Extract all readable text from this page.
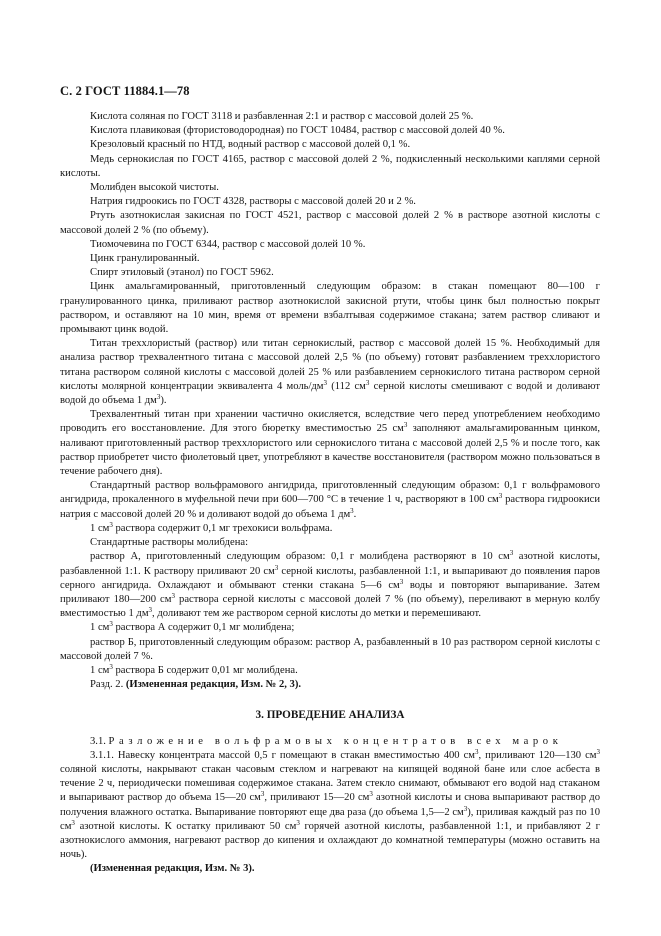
С. 2 ГОСТ 11884.1—78

Кислота соляная по ГОСТ 3118 и разбавленная 2:1 и раствор с массовой долей 25 %.

Кислота плавиковая (фтористоводородная) по ГОСТ 10484, раствор с массовой долей 40 %.

Крезоловый красный по НТД, водный раствор с массовой долей 0,1 %.

Медь сернокислая по ГОСТ 4165, раствор с массовой долей 2 %, подкисленный несколькими каплями серной кислоты.

Молибден высокой чистоты.

Натрия гидроокись по ГОСТ 4328, растворы с массовой долей 20 и 2 %.

Ртуть азотнокислая закисная по ГОСТ 4521, раствор с массовой долей 2 % в растворе азотной кислоты с массовой долей 2 % (по объему).

Тиомочевина по ГОСТ 6344, раствор с массовой долей 10 %.

Цинк гранулированный.

Спирт этиловый (этанол) по ГОСТ 5962.

Цинк амальгамированный, приготовленный следующим образом: в стакан помещают 80—100 г гранулированного цинка, приливают раствор азотнокислой закисной ртути, чтобы цинк был полностью покрыт раствором, и оставляют на 10 мин, время от времени взбалтывая содержимое стакана; затем раствор сливают и промывают цинк водой.

Титан треххлористый (раствор) или титан сернокислый, раствор с массовой долей 15 %. Необходимый для анализа раствор трехвалентного титана с массовой долей 2,5 % (по объему) готовят разбавлением треххлористого титана раствором соляной кислоты с массовой долей 25 % или разбавлением сернокислого титана раствором серной кислоты молярной концентрации эквивалента 4 моль/$дм^3$ (112 $см^3$ серной кислоты смешивают с водой и доливают водой до объема 1 $дм^3$).

Трехвалентный титан при хранении частично окисляется, вследствие чего перед употреблением необходимо проводить его восстановление. Для этого бюретку вместимостью 25 $см^3$ заполняют амальгамированным цинком, наливают приготовленный раствор треххлористого или сернокислого титана с массовой долей 2,5 % и после того, как раствор приобретет чисто фиолетовый цвет, употребляют в качестве восстановителя (раствором можно пользоваться в течение рабочего дня).

Стандартный раствор вольфрамового ангидрида, приготовленный следующим образом: 0,1 г вольфрамового ангидрида, прокаленного в муфельной печи при 600—700 °С в течение 1 ч, растворяют в 100 $см^3$ раствора гидроокиси натрия с массовой долей 20 % и доливают водой до объема 1 $дм^3$.

1 $см^3$ раствора содержит 0,1 мг трехокиси вольфрама.

Стандартные растворы молибдена:

раствор А, приготовленный следующим образом: 0,1 г молибдена растворяют в 10 $см^3$ азотной кислоты, разбавленной 1:1. К раствору приливают 20 $см^3$ серной кислоты, разбавленной 1:1, и выпаривают до появления паров серного ангидрида. Охлаждают и обмывают стенки стакана 5—6 $см^3$ воды и повторяют выпаривание. Затем приливают 180—200 $см^3$ раствора серной кислоты с массовой долей 7 % (по объему), переливают в мерную колбу вместимостью 1 $дм^3$, доливают тем же раствором серной кислоты до метки и перемешивают.

1 $см^3$ раствора А содержит 0,1 мг молибдена;

раствор Б, приготовленный следующим образом: раствор А, разбавленный в 10 раз раствором серной кислоты с массовой долей 7 %.

1 $см^3$ раствора Б содержит 0,01 мг молибдена.

Разд. 2. (Измененная редакция, Изм. № 2, 3).

3. ПРОВЕДЕНИЕ АНАЛИЗА

3.1. Разложение вольфрамовых концентратов всех марок

3.1.1. Навеску концентрата массой 0,5 г помещают в стакан вместимостью 400 $см^3$, приливают 120—130 $см^3$ соляной кислоты, накрывают стакан часовым стеклом и нагревают на кипящей водяной бане или слое асбеста в течение 2 ч, периодически помешивая содержимое стакана. Затем стекло снимают, обмывают его водой над стаканом и выпаривают раствор до объема 15—20 $см^3$, приливают 15—20 $см^3$ азотной кислоты и снова выпаривают раствор до получения влажного остатка. Выпаривание повторяют еще два раза (до объема 1,5—2 $см^3$), приливая каждый раз по 10 $см^3$ азотной кислоты. К остатку приливают 50 $см^3$ горячей азотной кислоты, разбавленной 1:1, и прибавляют 2 г азотнокислого аммония, нагревают раствор до кипения и охлаждают до комнатной температуры (можно оставить на ночь).

(Измененная редакция, Изм. № 3).
